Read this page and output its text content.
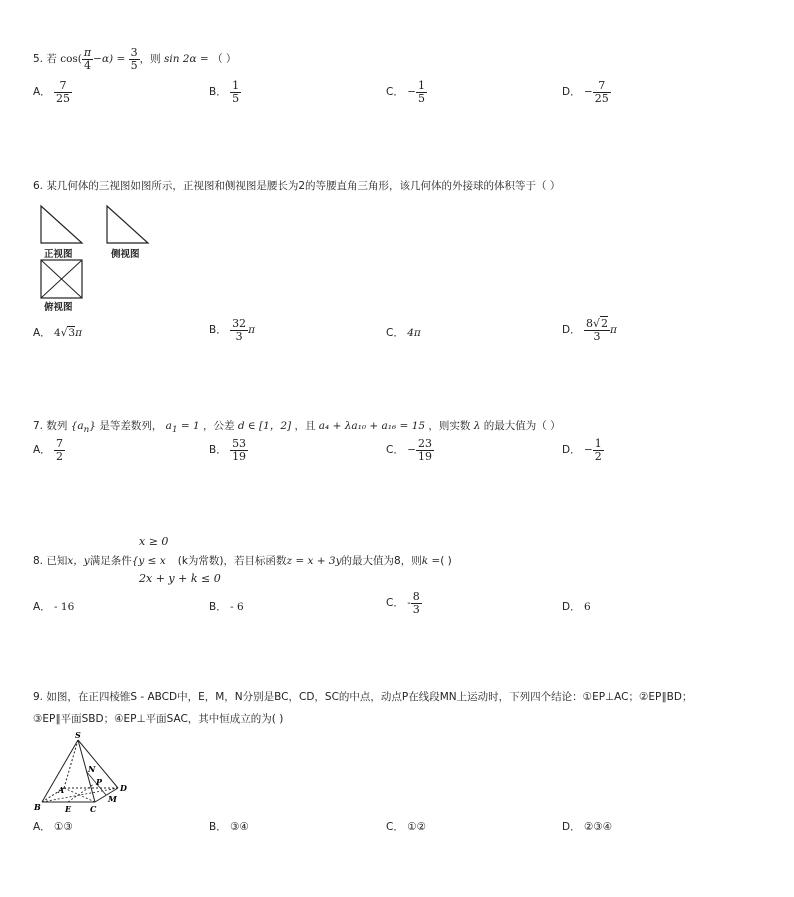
5. 若 $\cos( \frac{\pi}{4} -\alpha) = \frac{3}{5}$ ，则 sin 2α = （ ）
A． $\frac{7}{25}$	B． $\frac{1}{5}$	C． − $\frac{1}{5}$	D． − $\frac{7}{25}$
6. 某几何体的三视图如图所示，正视图和侧视图是腰长为2的等腰直角三角形，该几何体的外接球的体积等于（ ）
正视图	侧视图
俯视图
A． 4√3π	B． $\frac{32}{3}$ π	C． 4π	D． $\frac{8√2}{3}$ π
7. 数列 $\{a_n\}$ 是等差数列， $a_1 = 1$ ，公差 d ∈ [1，2] ，且 a₄ + λa₁₀ + a₁₆ = 15 ，则实数 λ 的最大值为（ ）
A． $\frac{7}{2}$	B． $\frac{53}{19}$	C． − $\frac{23}{19}$	D． − $\frac{1}{2}$
x ≥ 0
2x + y + k ≤ 0
8. 已知x，y满足条件{y ≤ x (k为常数)，若目标函数z = x + 3y的最大值为8，则k =( )
A． - 16	B． - 6	C． - $\frac{8}{3}$	D． 6
9. 如图，在正四棱锥S - ABCD中，E，M，N分别是BC，CD，SC的中点，动点P在线段MN上运动时，下列四个结论：①EP⊥AC；②EP∥BD；
③EP∥平面SBD；④EP⊥平面SAC，其中恒成立的为( )
S
A
B	C
D
E
M
N
P
A． ①③	B． ③④	C． ①②	D． ②③④
